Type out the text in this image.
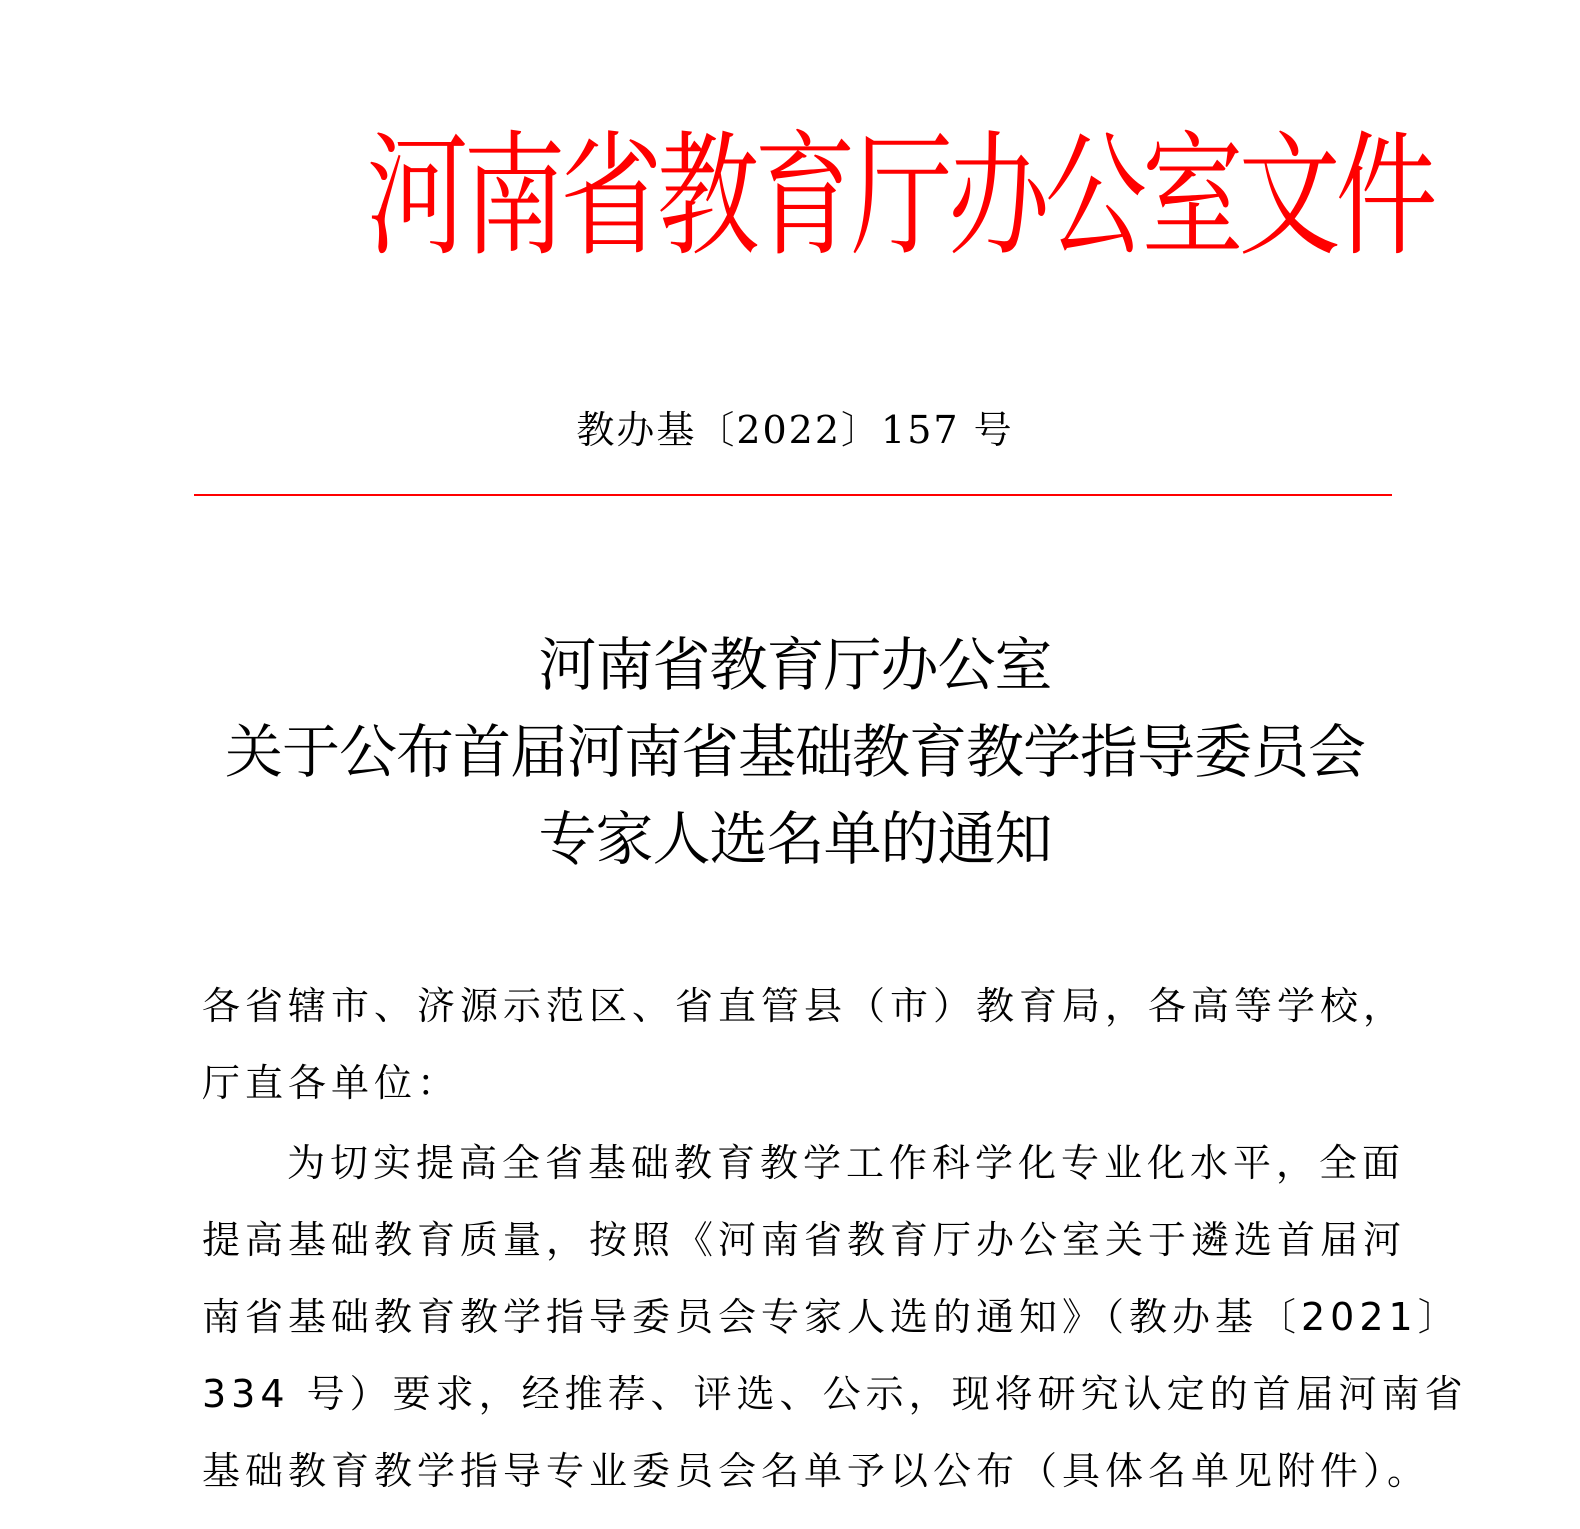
河南省教育厅办公室文件
教办基〔2022〕157 号
河南省教育厅办公室
关于公布首届河南省基础教育教学指导委员会
专家人选名单的通知
各省辖市、济源示范区、省直管县（市）教育局，各高等学校，
厅直各单位：
为切实提高全省基础教育教学工作科学化专业化水平，全面
提高基础教育质量，按照《河南省教育厅办公室关于遴选首届河
南省基础教育教学指导委员会专家人选的通知》（教办基〔2021〕
334 号）要求，经推荐、评选、公示，现将研究认定的首届河南省
基础教育教学指导专业委员会名单予以公布（具体名单见附件）。
